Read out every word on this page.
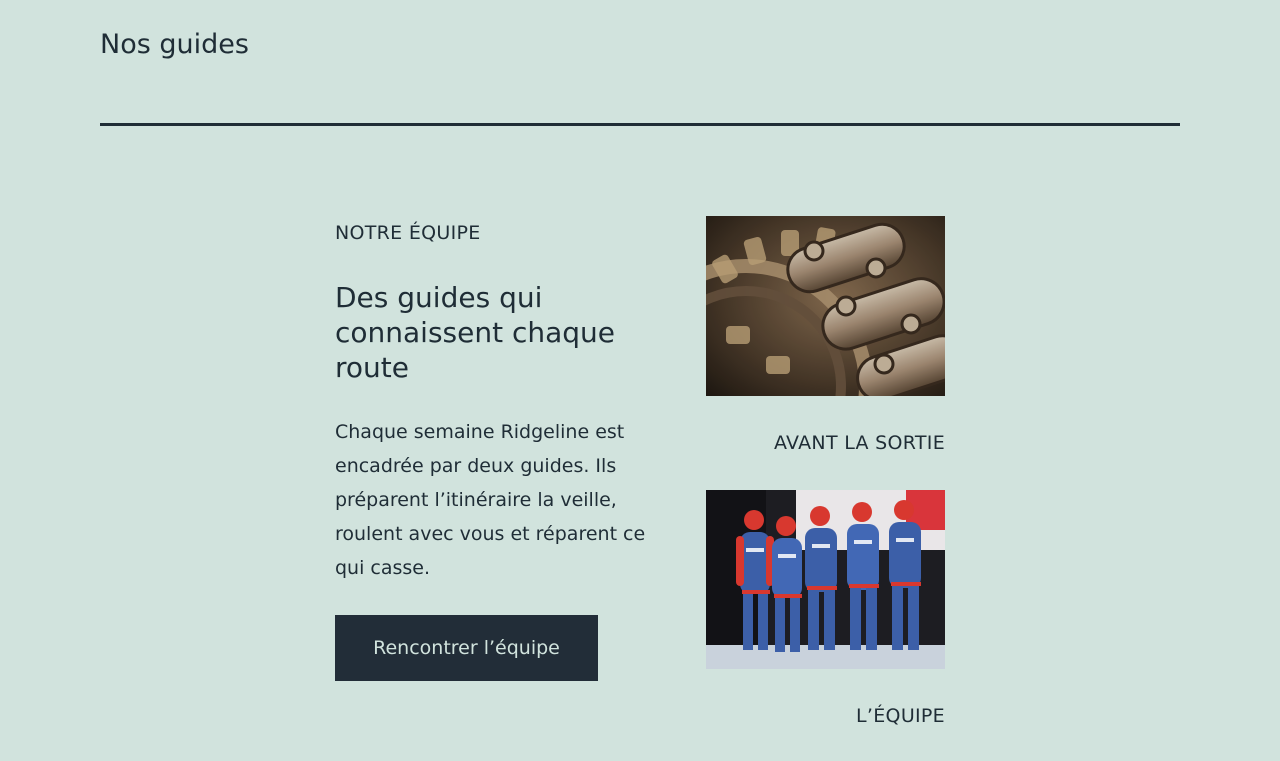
Nos guides
NOTRE ÉQUIPE
Des guides qui connaissent chaque route

Chaque semaine Ridgeline est encadrée par deux guides. Ils préparent l’itinéraire la veille, roulent avec vous et réparent ce qui casse.

Rencontrer l’équipe
AVANT LA SORTIE
L’ÉQUIPE
